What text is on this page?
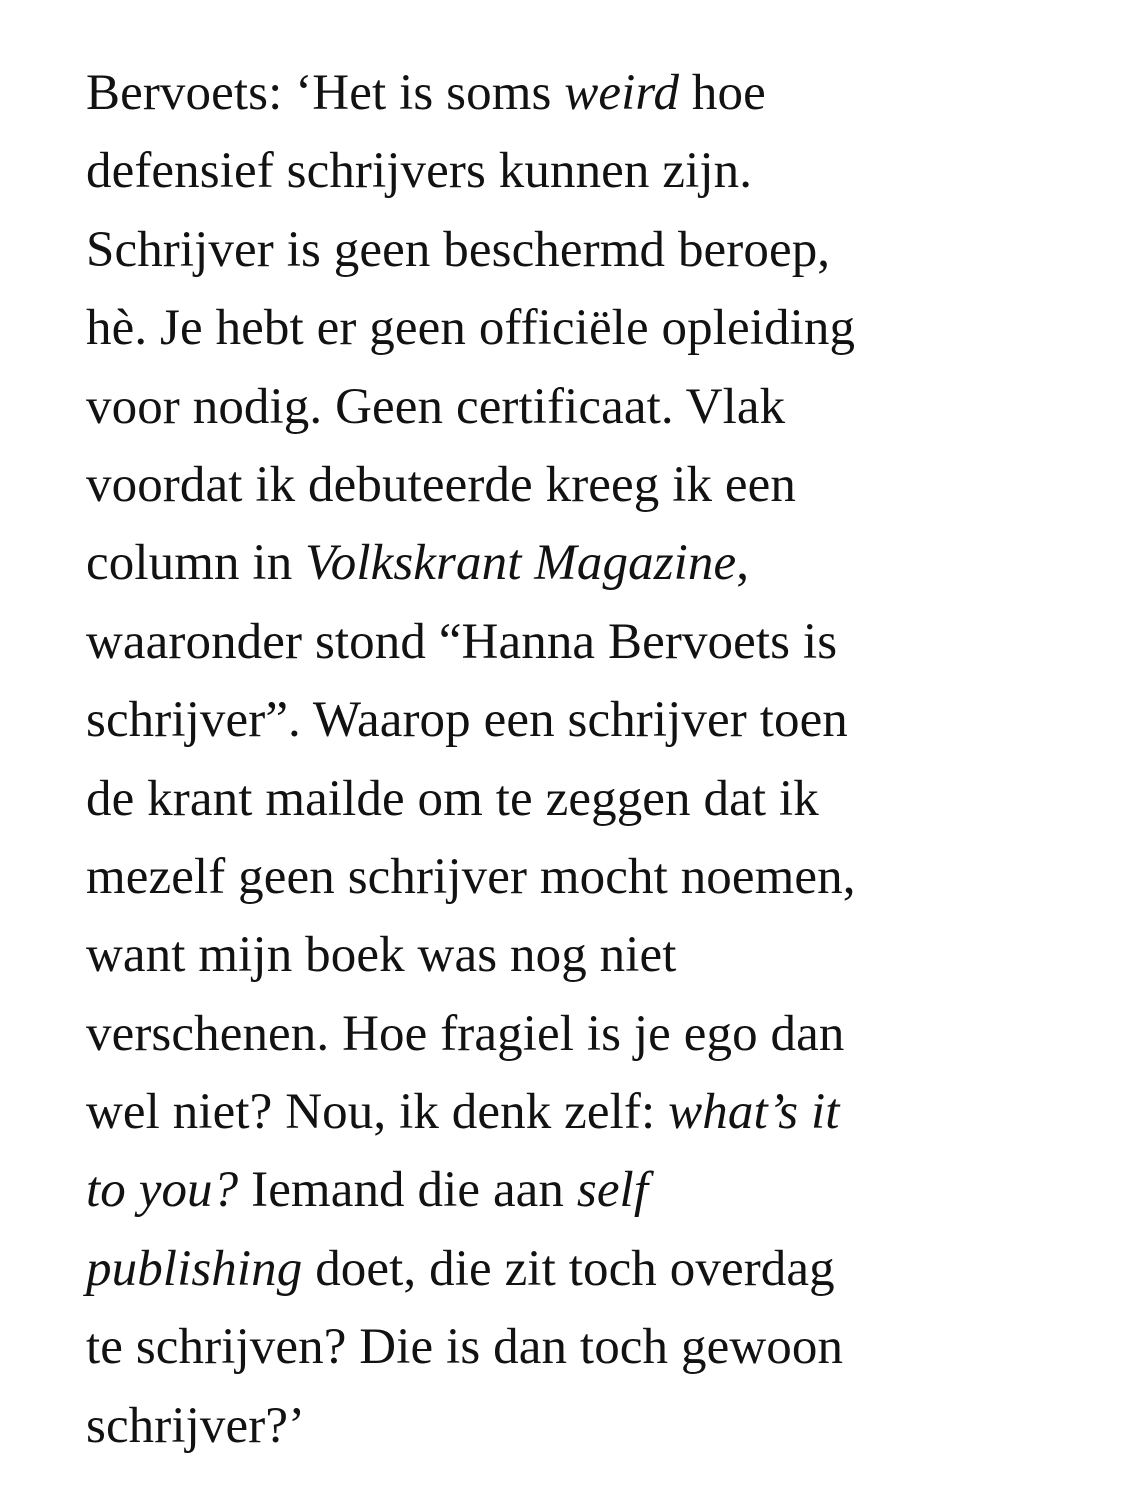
Bervoets: ‘Het is soms weird hoe
defensief schrijvers kunnen zijn.
Schrijver is geen beschermd beroep,
hè. Je hebt er geen officiële opleiding
voor nodig. Geen certificaat. Vlak
voordat ik debuteerde kreeg ik een
column in Volkskrant Magazine,
waaronder stond “Hanna Bervoets is
schrijver”. Waarop een schrijver toen
de krant mailde om te zeggen dat ik
mezelf geen schrijver mocht noemen,
want mijn boek was nog niet
verschenen. Hoe fragiel is je ego dan
wel niet? Nou, ik denk zelf: what’s it
to you? Iemand die aan self
publishing doet, die zit toch overdag
te schrijven? Die is dan toch gewoon
schrijver?’
